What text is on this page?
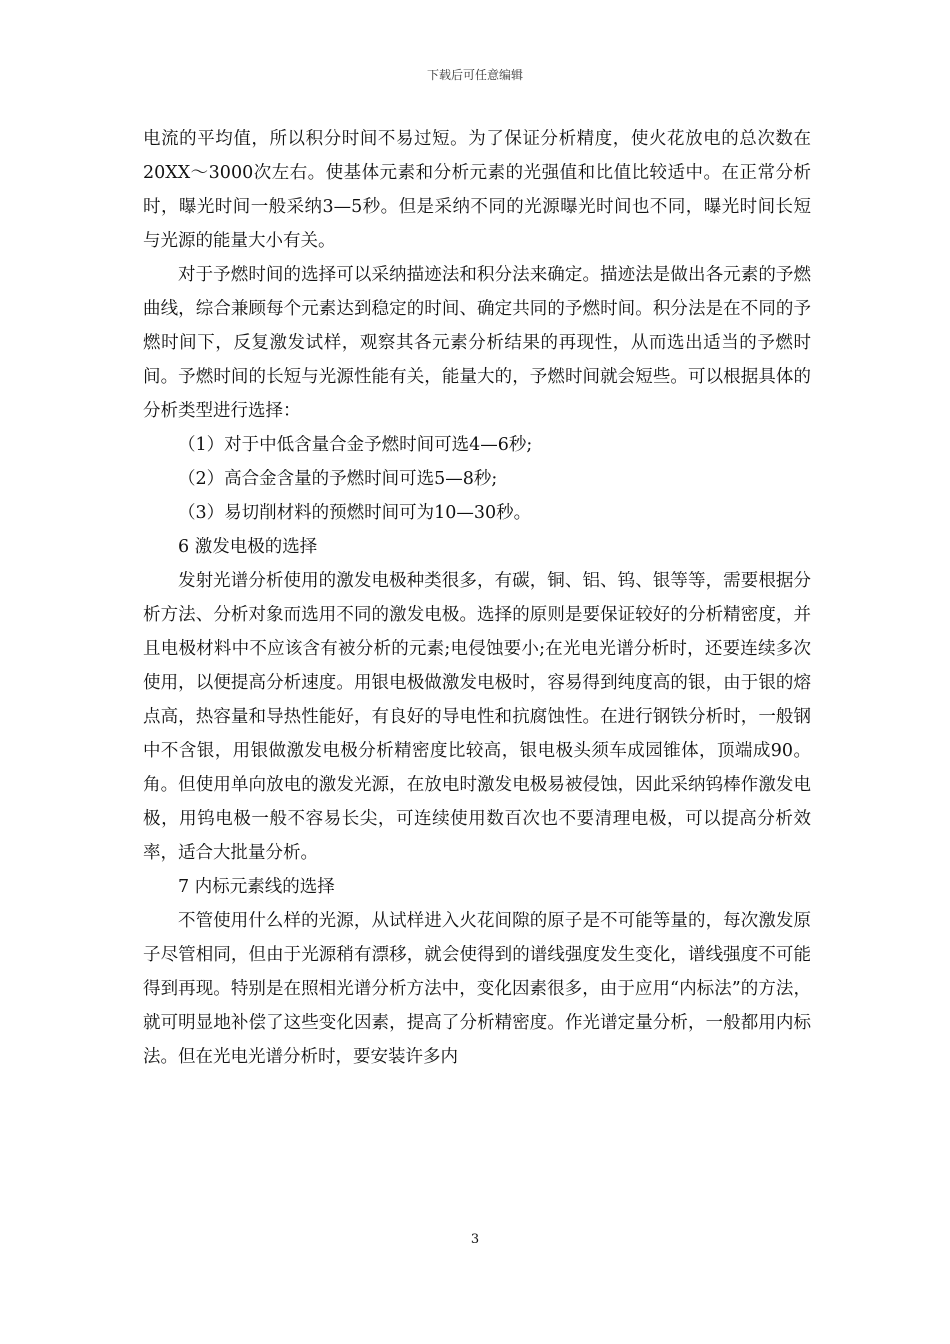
下载后可任意编辑

电流的平均值，所以积分时间不易过短。为了保证分析精度，使火花放电的总次数在20XX～3000次左右。使基体元素和分析元素的光强值和比值比较适中。在正常分析时，曝光时间一般采纳3—5秒。但是采纳不同的光源曝光时间也不同，曝光时间长短与光源的能量大小有关。

对于予燃时间的选择可以采纳描迹法和积分法来确定。描迹法是做出各元素的予燃曲线，综合兼顾每个元素达到稳定的时间、确定共同的予燃时间。积分法是在不同的予燃时间下，反复激发试样，观察其各元素分析结果的再现性，从而选出适当的予燃时间。予燃时间的长短与光源性能有关，能量大的，予燃时间就会短些。可以根据具体的分析类型进行选择：

（1）对于中低含量合金予燃时间可选4—6秒;

（2）高合金含量的予燃时间可选5—8秒;

（3）易切削材料的预燃时间可为10—30秒。

6 激发电极的选择

发射光谱分析使用的激发电极种类很多，有碳，铜、铝、钨、银等等，需要根据分析方法、分析对象而选用不同的激发电极。选择的原则是要保证较好的分析精密度，并且电极材料中不应该含有被分析的元素;电侵蚀要小;在光电光谱分析时，还要连续多次使用，以便提高分析速度。用银电极做激发电极时，容易得到纯度高的银，由于银的熔点高，热容量和导热性能好，有良好的导电性和抗腐蚀性。在进行钢铁分析时，一般钢中不含银，用银做激发电极分析精密度比较高，银电极头须车成园锥体，顶端成90。角。但使用单向放电的激发光源，在放电时激发电极易被侵蚀，因此采纳钨棒作激发电极，用钨电极一般不容易长尖，可连续使用数百次也不要清理电极，可以提高分析效率，适合大批量分析。

7 内标元素线的选择

不管使用什么样的光源，从试样进入火花间隙的原子是不可能等量的，每次激发原子尽管相同，但由于光源稍有漂移，就会使得到的谱线强度发生变化，谱线强度不可能得到再现。特别是在照相光谱分析方法中，变化因素很多，由于应用“内标法”的方法，就可明显地补偿了这些变化因素，提高了分析精密度。作光谱定量分析，一般都用内标法。但在光电光谱分析时，要安装许多内

3
